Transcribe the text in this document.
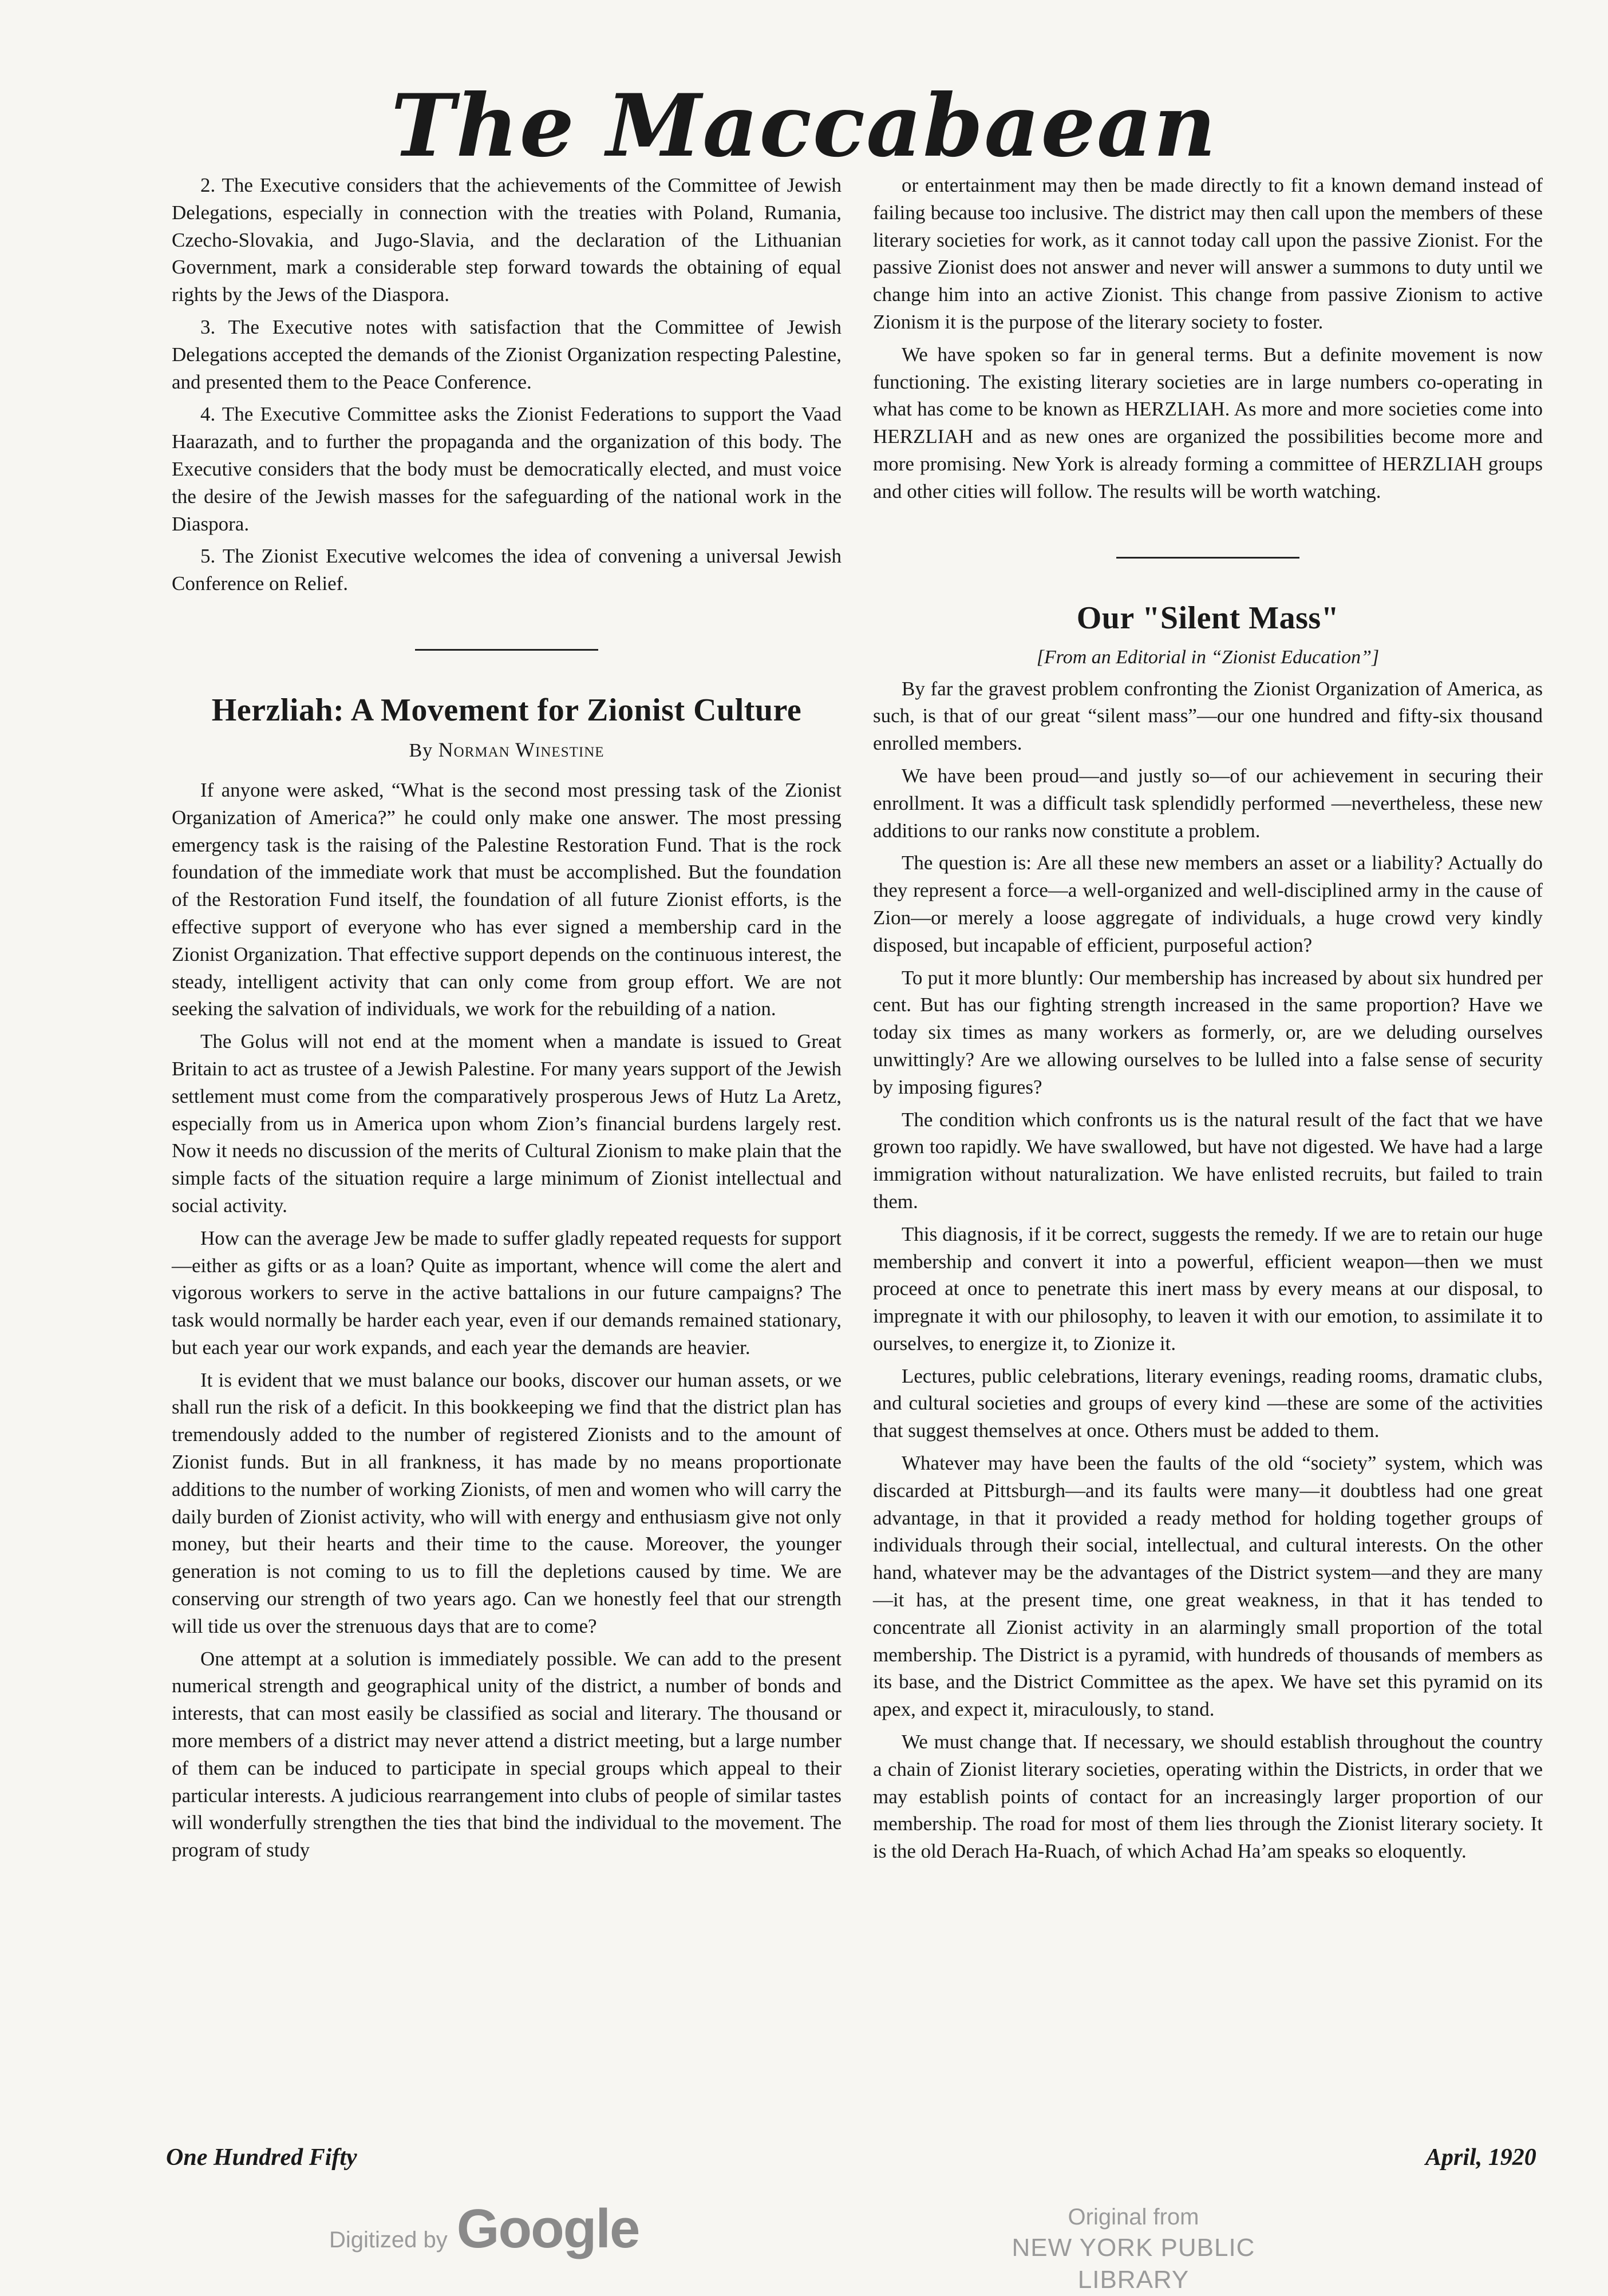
The Maccabaean

2. The Executive considers that the achievements of the Committee of Jewish Delegations, especially in connection with the treaties with Poland, Rumania, Czecho-Slovakia, and Jugo-Slavia, and the declaration of the Lithuanian Government, mark a considerable step forward towards the obtaining of equal rights by the Jews of the Diaspora.

3. The Executive notes with satisfaction that the Committee of Jewish Delegations accepted the demands of the Zionist Organization respecting Palestine, and presented them to the Peace Conference.

4. The Executive Committee asks the Zionist Federations to support the Vaad Haarazath, and to further the propaganda and the organization of this body. The Executive considers that the body must be democratically elected, and must voice the desire of the Jewish masses for the safeguarding of the national work in the Diaspora.

5. The Zionist Executive welcomes the idea of convening a universal Jewish Conference on Relief.

Herzliah: A Movement for Zionist Culture
By Norman Winestine

If anyone were asked, “What is the second most pressing task of the Zionist Organization of America?” he could only make one answer. The most pressing emergency task is the raising of the Palestine Restoration Fund. That is the rock foundation of the immediate work that must be accomplished. But the foundation of the Restoration Fund itself, the foundation of all future Zionist efforts, is the effective support of everyone who has ever signed a membership card in the Zionist Organization. That effective support depends on the continuous interest, the steady, intelligent activity that can only come from group effort. We are not seeking the salvation of individuals, we work for the rebuilding of a nation.

The Golus will not end at the moment when a mandate is issued to Great Britain to act as trustee of a Jewish Palestine. For many years support of the Jewish settlement must come from the comparatively prosperous Jews of Hutz La Aretz, especially from us in America upon whom Zion’s financial burdens largely rest. Now it needs no discussion of the merits of Cultural Zionism to make plain that the simple facts of the situation require a large minimum of Zionist intellectual and social activity.

How can the average Jew be made to suffer gladly repeated requests for support—either as gifts or as a loan? Quite as important, whence will come the alert and vigorous workers to serve in the active battalions in our future campaigns? The task would normally be harder each year, even if our demands remained stationary, but each year our work expands, and each year the demands are heavier.

It is evident that we must balance our books, discover our human assets, or we shall run the risk of a deficit. In this bookkeeping we find that the district plan has tremendously added to the number of registered Zionists and to the amount of Zionist funds. But in all frankness, it has made by no means proportionate additions to the number of working Zionists, of men and women who will carry the daily burden of Zionist activity, who will with energy and enthusiasm give not only money, but their hearts and their time to the cause. Moreover, the younger generation is not coming to us to fill the depletions caused by time. We are conserving our strength of two years ago. Can we honestly feel that our strength will tide us over the strenuous days that are to come?

One attempt at a solution is immediately possible. We can add to the present numerical strength and geographical unity of the district, a number of bonds and interests, that can most easily be classified as social and literary. The thousand or more members of a district may never attend a district meeting, but a large number of them can be induced to participate in special groups which appeal to their particular interests. A judicious rearrangement into clubs of people of similar tastes will wonderfully strengthen the ties that bind the individual to the movement. The program of study

or entertainment may then be made directly to fit a known demand instead of failing because too inclusive. The district may then call upon the members of these literary societies for work, as it cannot today call upon the passive Zionist. For the passive Zionist does not answer and never will answer a summons to duty until we change him into an active Zionist. This change from passive Zionism to active Zionism it is the purpose of the literary society to foster.

We have spoken so far in general terms. But a definite movement is now functioning. The existing literary societies are in large numbers co-operating in what has come to be known as HERZLIAH. As more and more societies come into HERZLIAH and as new ones are organized the possibilities become more and more promising. New York is already forming a committee of HERZLIAH groups and other cities will follow. The results will be worth watching.

Our "Silent Mass"
[From an Editorial in “Zionist Education”]

By far the gravest problem confronting the Zionist Organization of America, as such, is that of our great “silent mass”—our one hundred and fifty-six thousand enrolled members.

We have been proud—and justly so—of our achievement in securing their enrollment. It was a difficult task splendidly performed —nevertheless, these new additions to our ranks now constitute a problem.

The question is: Are all these new members an asset or a liability? Actually do they represent a force—a well-organized and well-disciplined army in the cause of Zion—or merely a loose aggregate of individuals, a huge crowd very kindly disposed, but incapable of efficient, purposeful action?

To put it more bluntly: Our membership has increased by about six hundred per cent. But has our fighting strength increased in the same proportion? Have we today six times as many workers as formerly, or, are we deluding ourselves unwittingly? Are we allowing ourselves to be lulled into a false sense of security by imposing figures?

The condition which confronts us is the natural result of the fact that we have grown too rapidly. We have swallowed, but have not digested. We have had a large immigration without naturalization. We have enlisted recruits, but failed to train them.

This diagnosis, if it be correct, suggests the remedy. If we are to retain our huge membership and convert it into a powerful, efficient weapon—then we must proceed at once to penetrate this inert mass by every means at our disposal, to impregnate it with our philosophy, to leaven it with our emotion, to assimilate it to ourselves, to energize it, to Zionize it.

Lectures, public celebrations, literary evenings, reading rooms, dramatic clubs, and cultural societies and groups of every kind —these are some of the activities that suggest themselves at once. Others must be added to them.

Whatever may have been the faults of the old “society” system, which was discarded at Pittsburgh—and its faults were many—it doubtless had one great advantage, in that it provided a ready method for holding together groups of individuals through their social, intellectual, and cultural interests. On the other hand, whatever may be the advantages of the District system—and they are many—it has, at the present time, one great weakness, in that it has tended to concentrate all Zionist activity in an alarmingly small proportion of the total membership. The District is a pyramid, with hundreds of thousands of members as its base, and the District Committee as the apex. We have set this pyramid on its apex, and expect it, miraculously, to stand.

We must change that. If necessary, we should establish throughout the country a chain of Zionist literary societies, operating within the Districts, in order that we may establish points of contact for an increasingly larger proportion of our membership. The road for most of them lies through the Zionist literary society. It is the old Derach Ha-Ruach, of which Achad Ha’am speaks so eloquently.

One Hundred Fifty	April, 1920
Digitized by Google	Original from
NEW YORK PUBLIC LIBRARY
